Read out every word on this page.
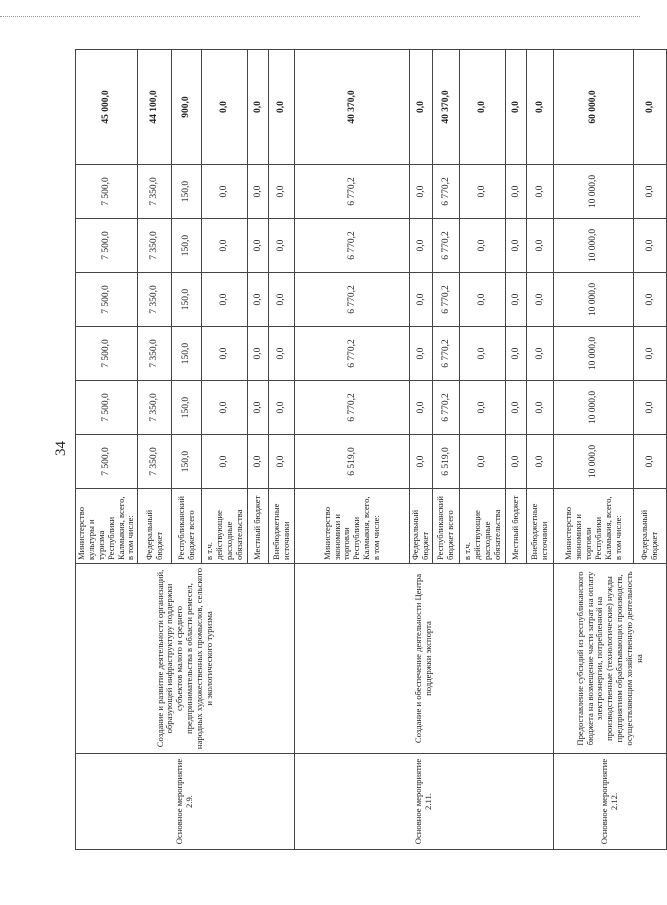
34
Основное мероприятие 2.9.	Создание и развитие деятельности организаций, образующей инфраструктуру поддержки субъектов малого и среднего предпринимательства в области ремесел, народных художественных промыслов, сельского и экологического туризма	Министерство культуры и туризма Республики Калмыкия, всего, в том числе:	7 500,0	7 500,0	7 500,0	7 500,0	7 500,0	7 500,0	45 000,0
		Федеральный бюджет	7 350,0	7 350,0	7 350,0	7 350,0	7 350,0	7 350,0	44 100,0
		Республиканский бюджет всего	150,0	150,0	150,0	150,0	150,0	150,0	900,0
		в т.ч. действующие расходные обязательства	0,0	0,0	0,0	0,0	0,0	0,0	0,0
		Местный бюджет	0,0	0,0	0,0	0,0	0,0	0,0	0,0
		Внебюджетные источники	0,0	0,0	0,0	0,0	0,0	0,0	0,0
Основное мероприятие 2.11.	Создание и обеспечение деятельности Центра поддержки экспорта	Министерство экономики и торговли Республики Калмыкия, всего, в том числе:	6 519,0	6 770,2	6 770,2	6 770,2	6 770,2	6 770,2	40 370,0
		Федеральный бюджет	0,0	0,0	0,0	0,0	0,0	0,0	0,0
		Республиканский бюджет всего	6 519,0	6 770,2	6 770,2	6 770,2	6 770,2	6 770,2	40 370,0
		в т.ч. действующие расходные обязательства	0,0	0,0	0,0	0,0	0,0	0,0	0,0
		Местный бюджет	0,0	0,0	0,0	0,0	0,0	0,0	0,0
		Внебюджетные источники	0,0	0,0	0,0	0,0	0,0	0,0	0,0
Основное мероприятие 2.12.	Предоставление субсидий из республиканского бюджета на возмещение части затрат на оплату электроэнергии, потребленной на производственные (технологические) нужды предприятиям обрабатывающих производств, осуществляющим хозяйственную деятельность на	Министерство экономики и торговли Республики Калмыкия, всего, в том числе:	10 000,0	10 000,0	10 000,0	10 000,0	10 000,0	10 000,0	60 000,0
		Федеральный бюджет	0,0	0,0	0,0	0,0	0,0	0,0	0,0
